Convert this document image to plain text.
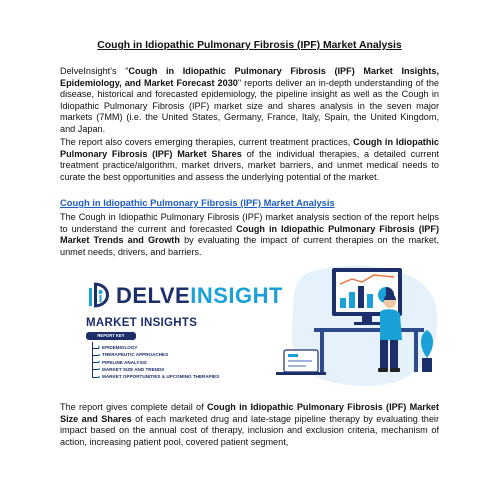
Cough in Idiopathic Pulmonary Fibrosis (IPF) Market Analysis

DelveInsight's "Cough in Idiopathic Pulmonary Fibrosis (IPF) Market Insights, Epidemiology, and Market Forecast 2030" reports deliver an in-depth understanding of the disease, historical and forecasted epidemiology, the pipeline insight as well as the Cough in Idiopathic Pulmonary Fibrosis (IPF) market size and shares analysis in the seven major markets (7MM) (i.e. the United States, Germany, France, Italy, Spain, the United Kingdom, and Japan.

The report also covers emerging therapies, current treatment practices, Cough in Idiopathic Pulmonary Fibrosis (IPF) Market Shares of the individual therapies, a detailed current treatment practice/algorithm, market drivers, market barriers, and unmet medical needs to curate the best opportunities and assess the underlying potential of the market.

Cough in Idiopathic Pulmonary Fibrosis (IPF) Market Analysis

The Cough in Idiopathic Pulmonary Fibrosis (IPF) market analysis section of the report helps to understand the current and forecasted Cough in Idiopathic Pulmonary Fibrosis (IPF) Market Trends and Growth by evaluating the impact of current therapies on the market, unmet needs, drivers, and barriers.

DELVEINSIGHT
MARKET INSIGHTS
REPORT KEY HIGHLIGHTS
EPIDEMIOLOGY
THERAPEUTIC APPROACHES
PIPELINE ANALYSIS
MARKET SIZE AND TRENDS
MARKET OPPORTUNITIES & UPCOMING THERAPIES

The report gives complete detail of Cough in Idiopathic Pulmonary Fibrosis (IPF) Market Size and Shares of each marketed drug and late-stage pipeline therapy by evaluating their impact based on the annual cost of therapy, inclusion and exclusion criteria, mechanism of action, increasing patient pool, covered patient segment,
